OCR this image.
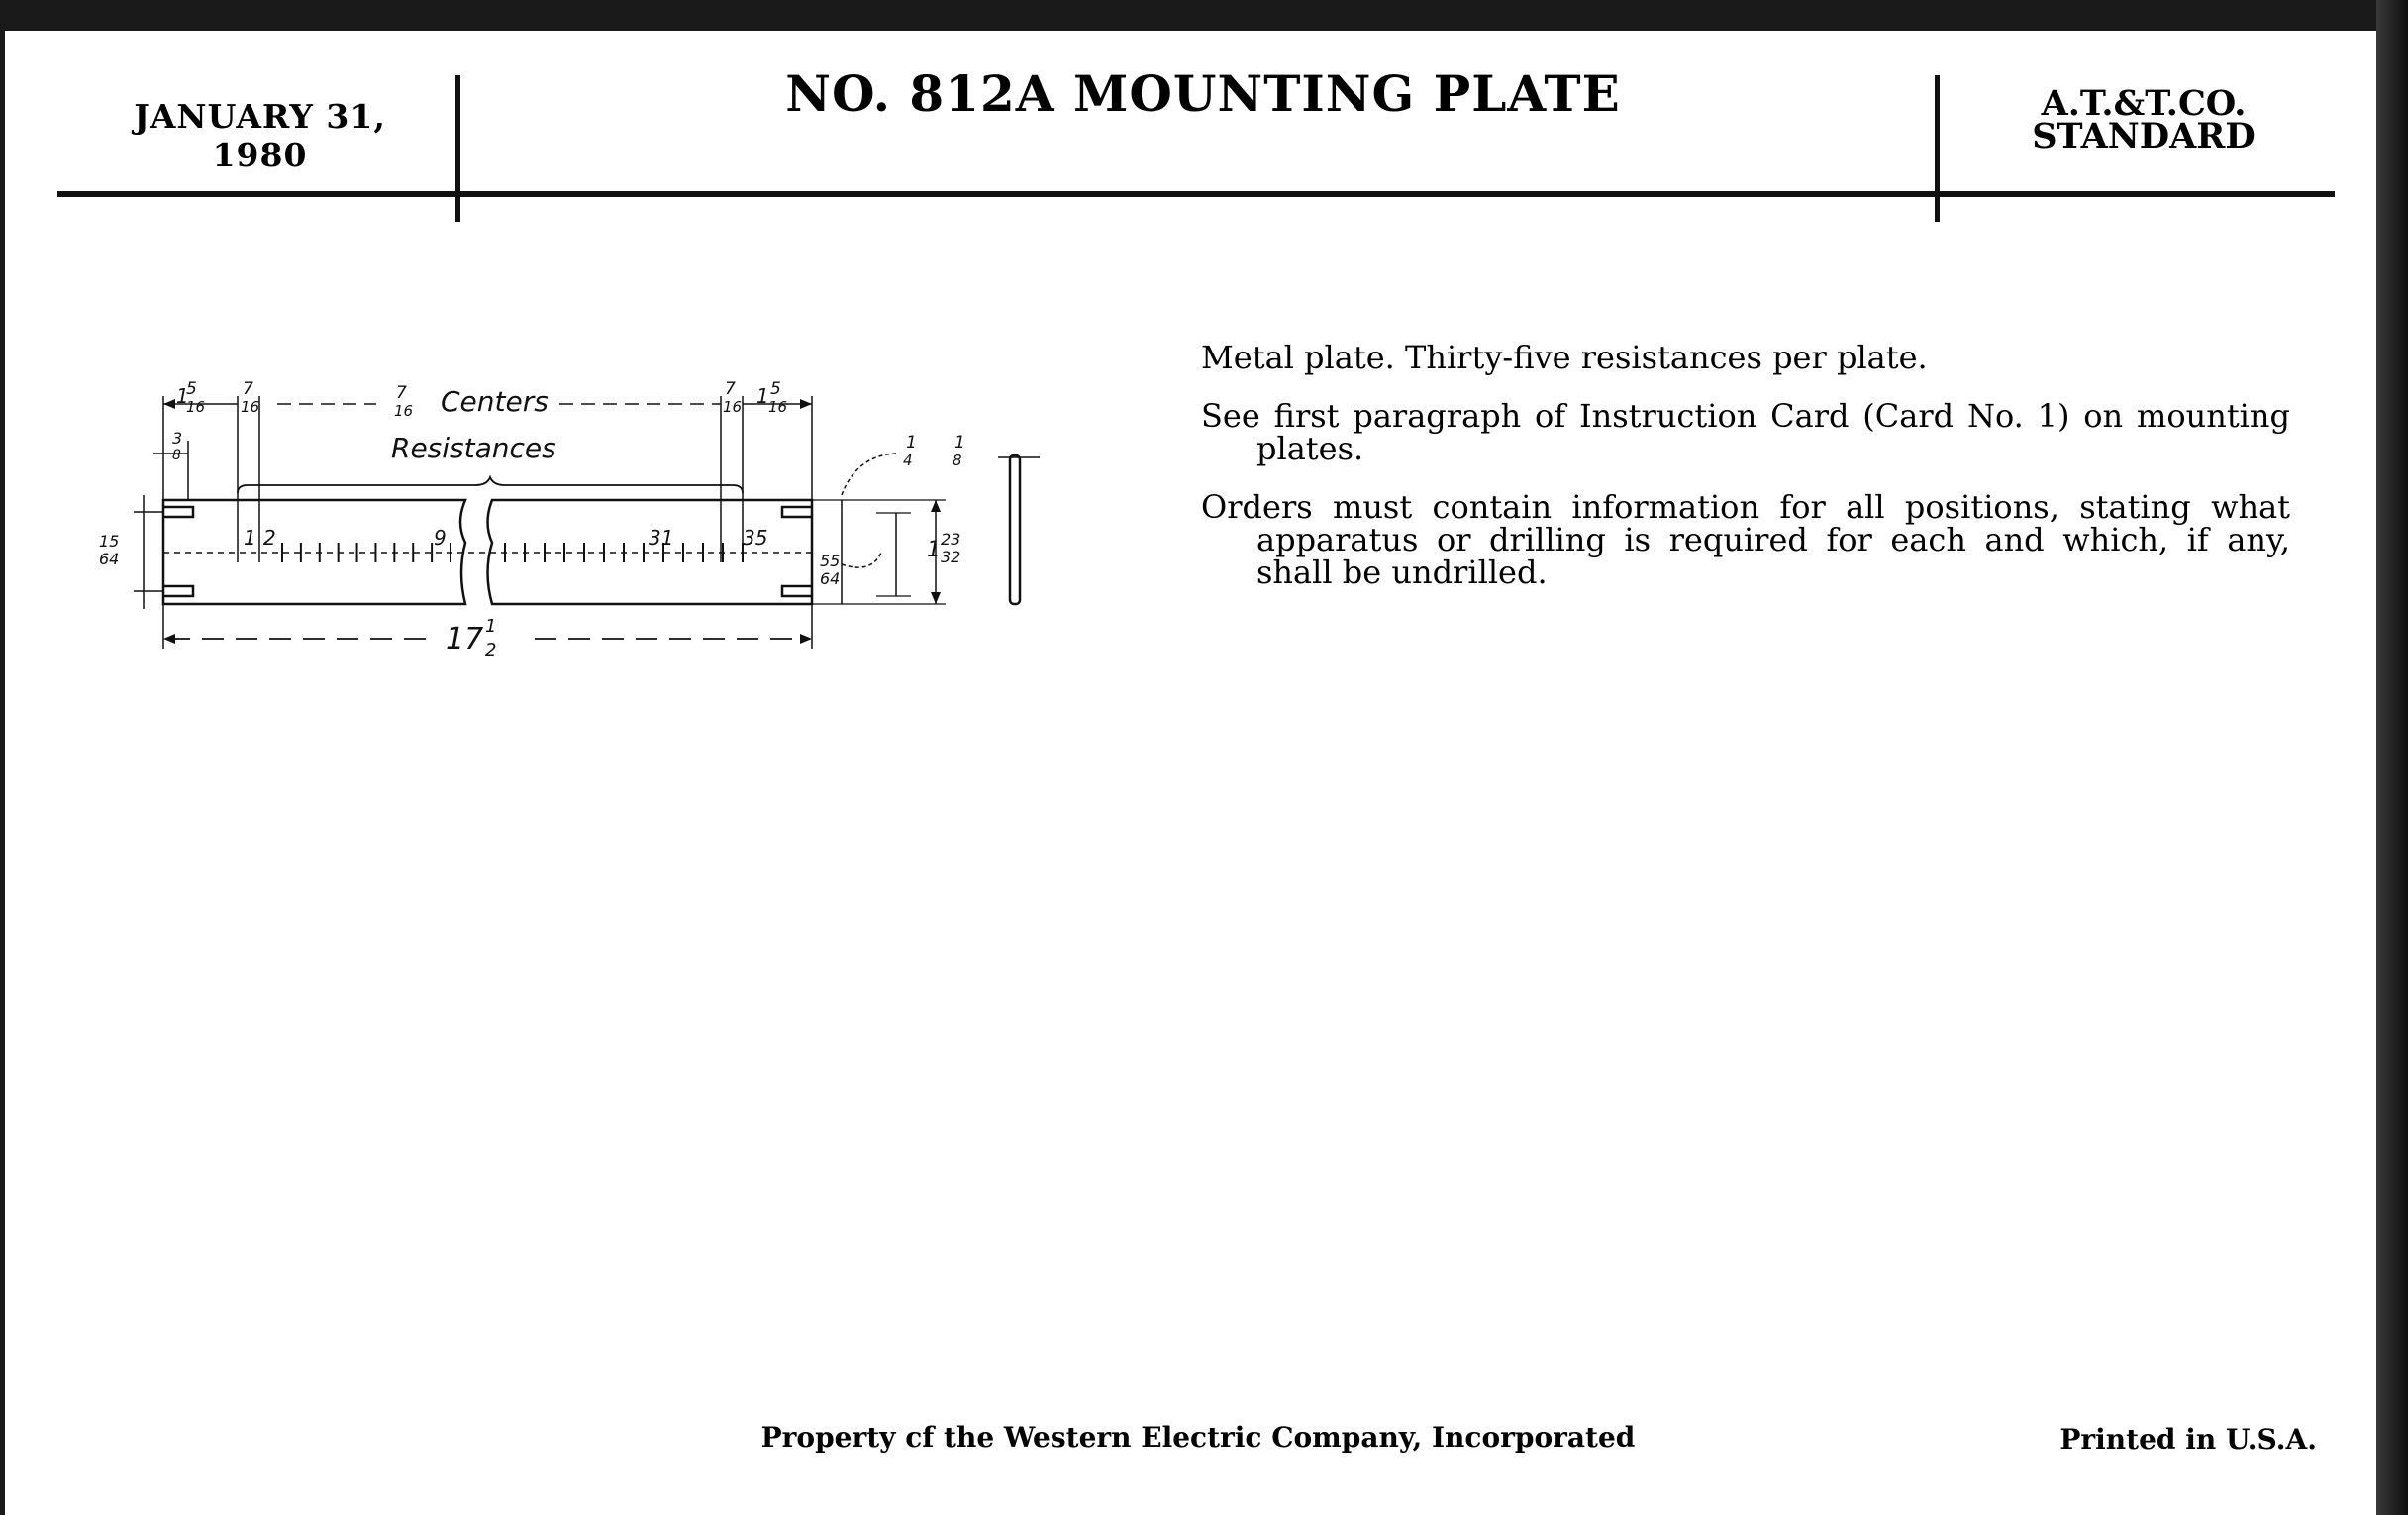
JANUARY 31, 1980
NO. 812A MOUNTING PLATE	A.T.&T.CO.
STANDARD
Centers
Resistances
17 1
2
1 2	9	31	35
5
16
1	7
16
7
16
7
16
5
16
1
3
8
15
64
1
4
1
8
55
64
1 23
32

Metal plate. Thirty-five resistances per plate.

See first paragraph of Instruction Card (Card No. 1) on mounting plates.

Orders must contain information for all positions, stating what apparatus or drilling is required for each and which, if any, shall be undrilled.

Property cf the Western Electric Company, Incorporated	Printed in U.S.A.
